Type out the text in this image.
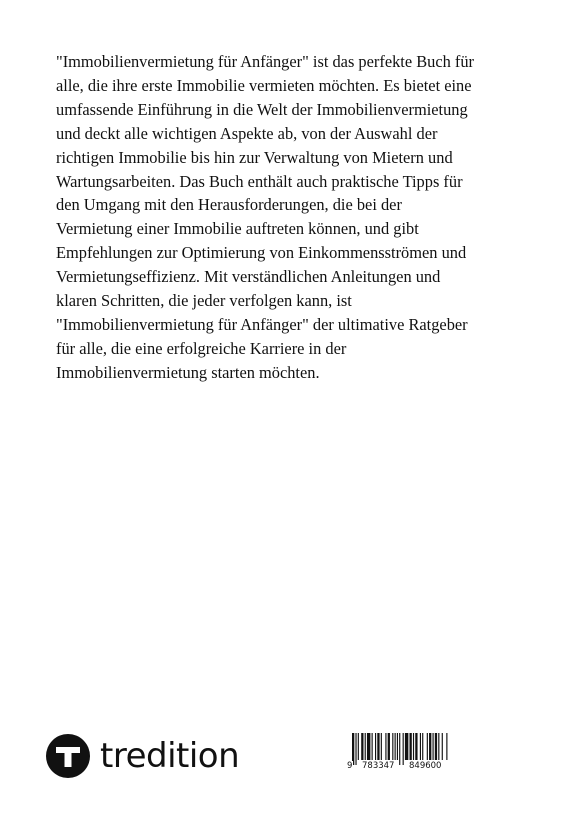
"Immobilienvermietung für Anfänger" ist das perfekte Buch für
alle, die ihre erste Immobilie vermieten möchten. Es bietet eine
umfassende Einführung in die Welt der Immobilienvermietung
und deckt alle wichtigen Aspekte ab, von der Auswahl der
richtigen Immobilie bis hin zur Verwaltung von Mietern und
Wartungsarbeiten. Das Buch enthält auch praktische Tipps für
den Umgang mit den Herausforderungen, die bei der
Vermietung einer Immobilie auftreten können, und gibt
Empfehlungen zur Optimierung von Einkommensströmen und
Vermietungseffizienz. Mit verständlichen Anleitungen und
klaren Schritten, die jeder verfolgen kann, ist
"Immobilienvermietung für Anfänger" der ultimative Ratgeber
für alle, die eine erfolgreiche Karriere in der
Immobilienvermietung starten möchten.
tredition	9 783347 849600
